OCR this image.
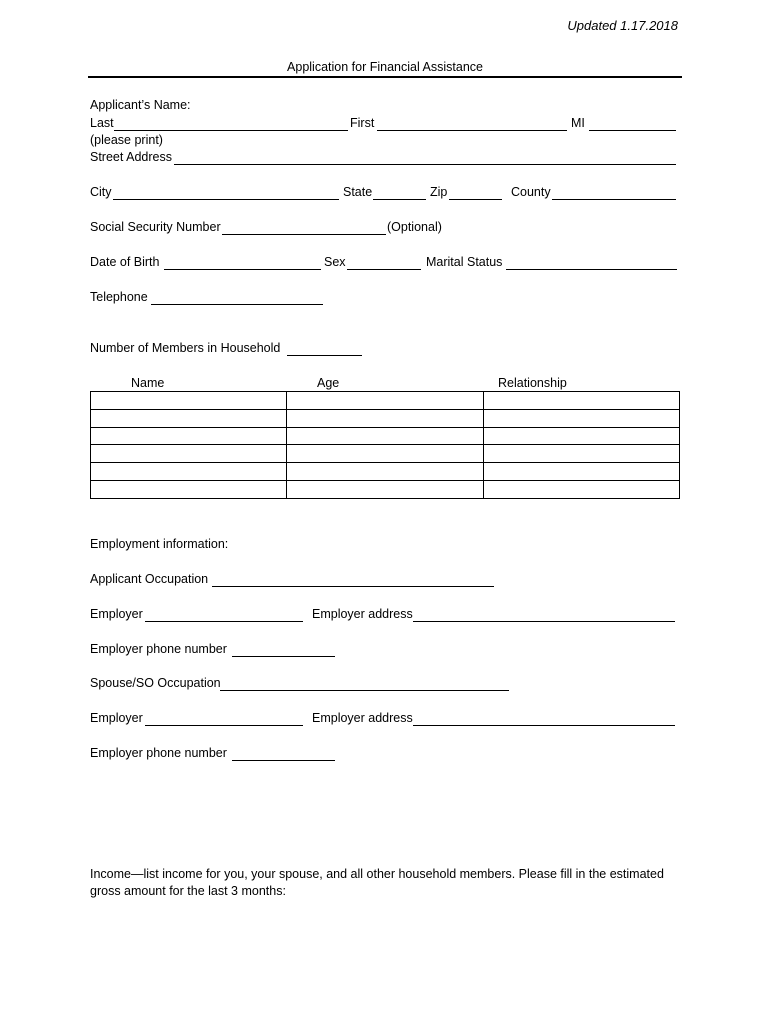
Updated 1.17.2018
Application for Financial Assistance
Applicant’s Name:
Last	First	MI
(please print)
Street Address
City	State	Zip	County
Social Security Number	(Optional)
Date of Birth	Sex	Marital Status
Telephone
Number of Members in Household
Name	Age	Relationship

Employment information:
Applicant Occupation
Employer	Employer address
Employer phone number
Spouse/SO Occupation
Employer	Employer address
Employer phone number
Income—list income for you, your spouse, and all other household members. Please fill in the estimated
gross amount for the last 3 months:
